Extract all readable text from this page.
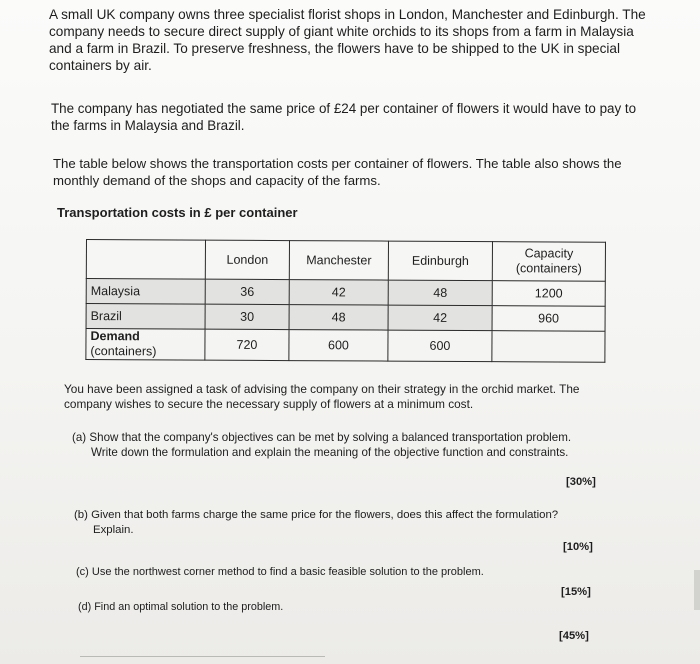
A small UK company owns three specialist florist shops in London, Manchester and Edinburgh. The company needs to secure direct supply of giant white orchids to its shops from a farm in Malaysia and a farm in Brazil. To preserve freshness, the flowers have to be shipped to the UK in special containers by air.

The company has negotiated the same price of £24 per container of flowers it would have to pay to the farms in Malaysia and Brazil.

The table below shows the transportation costs per container of flowers. The table also shows the monthly demand of the shops and capacity of the farms.

Transportation costs in £ per container

	London	Manchester	Edinburgh	Capacity
(containers)
Malaysia	36	42	48	1200
Brazil	30	48	42	960
Demand
(containers)	720	600	600	

You have been assigned a task of advising the company on their strategy in the orchid market. The company wishes to secure the necessary supply of flowers at a minimum cost.

(a) Show that the company's objectives can be met by solving a balanced transportation problem.
Write down the formulation and explain the meaning of the objective function and constraints.

[30%]

(b) Given that both farms charge the same price for the flowers, does this affect the formulation?
Explain.

[10%]

(c) Use the northwest corner method to find a basic feasible solution to the problem.

[15%]

(d) Find an optimal solution to the problem.

[45%]
